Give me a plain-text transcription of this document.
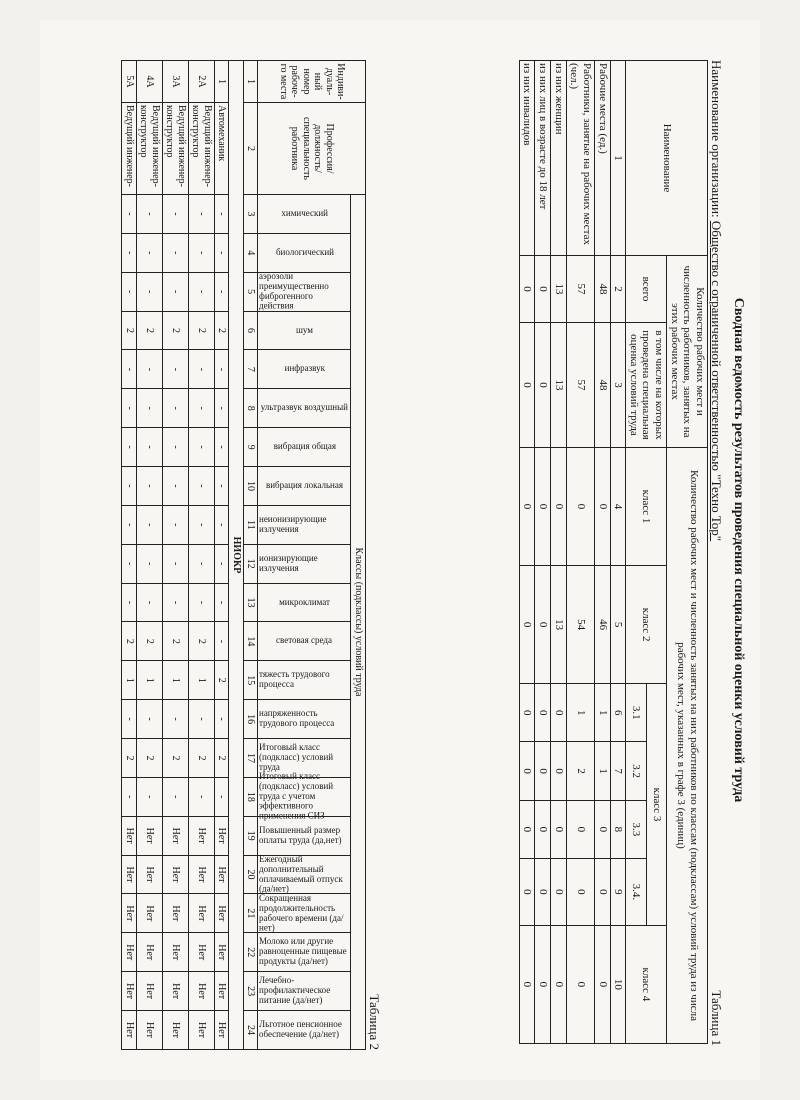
Сводная ведомость результатов проведения специальной оценки условий труда
Наименование организации: Общество с ограниченной ответственностью "Техно Тор"
Таблица 1
Наименование	Количество рабочих мест и численность работников, занятых на этих рабочих местах		Количество рабочих мест и численность занятых на них работников по классам (подклассам) условий труда из числа рабочих мест, указанных в графе 3 (единиц)						
	всего	в том числе на которых проведена специальная оценка условий труда	класс 1	класс 2	класс 3				класс 4
					3.1	3.2	3.3	3.4.	
1	2	3	4	5	6	7	8	9	10
Рабочие места (ед.)	48	48	0	46	1	1	0	0	0
Работники, занятые на рабочих местах (чел.)	57	57	0	54	1	2	0	0	0
из них женщин	13	13	0	13	0	0	0	0	0
из них лиц в возрасте до 18 лет	0	0	0	0	0	0	0	0	0
из них инвалидов	0	0	0	0	0	0	0	0	0
Таблица 2
Индиви-дуаль-ный номер рабоче-го места	Профессия/ должность/ специальность работника	Классы (подклассы) условий труда																					

		химический	биологический	аэрозоли преимущественно фиброгенного действия	шум	инфразвук	ультразвук воздушный	вибрация общая	вибрация локальная	неионизирующие излучения	ионизирующие излучения	микроклимат	световая среда	тяжесть трудового процесса	напряженность трудового процесса	Итоговый класс (подкласс) условий труда	Итоговый класс (подкласс) условий труда с учетом эффективного применения СИЗ	Повышенный размер оплаты труда (да,нет)	Ежегодный дополнительный оплачиваемый отпуск (да/нет)	Сокращенная продолжительность рабочего времени (да/нет)	Молоко или другие равноценные пищевые продукты (да/нет)	Лечебно-профилактическое питание (да/нет)	Льготное пенсионное обеспечение (да/нет)

1	2	3	4	5	6	7	8	9	10	11	12	13	14	15	16	17	18	19	20	21	22	23	24
НИОКР																							
1	Автомеханик	-	-	-	2	-	-	-	-	-	-	-	-	2	-	2	-	Нет	Нет	Нет	Нет	Нет	Нет
2А	Ведущий инженер-конструктор	-	-	-	2	-	-	-	-	-	-	-	2	1	-	2	-	Нет	Нет	Нет	Нет	Нет	Нет
3А	Ведущий инженер-конструктор	-	-	-	2	-	-	-	-	-	-	-	2	1	-	2	-	Нет	Нет	Нет	Нет	Нет	Нет
4А	Ведущий инженер-конструктор	-	-	-	2	-	-	-	-	-	-	-	2	1	-	2	-	Нет	Нет	Нет	Нет	Нет	Нет
5А	Ведущий инженер-	-	-	-	2	-	-	-	-	-	-	-	2	1	-	2	-	Нет	Нет	Нет	Нет	Нет	Нет
